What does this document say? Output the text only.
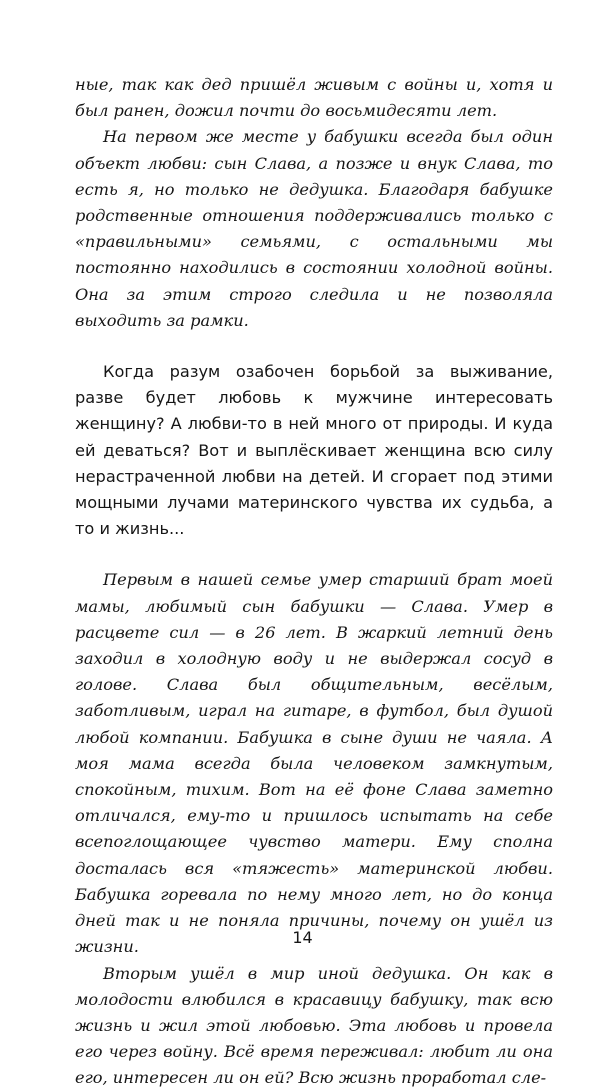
ные, так как дед пришёл живым с войны и, хотя и был ранен, дожил почти до восьмидесяти лет.

На первом же месте у бабушки всегда был один объект любви: сын Слава, а позже и внук Слава, то есть я, но только не дедушка. Благодаря бабушке родственные отношения поддерживались только с «правильными» семьями, с остальными мы постоянно находились в состоянии холодной войны. Она за этим строго следила и не позволяла выходить за рамки.

Когда разум озабочен борьбой за выживание, разве будет любовь к мужчине интересовать женщину? А любви-то в ней много от природы. И куда ей деваться? Вот и выплёскивает женщина всю силу нерастраченной любви на детей. И сгорает под этими мощными лучами материнского чувства их судьба, а то и жизнь...

Первым в нашей семье умер старший брат моей мамы, любимый сын бабушки — Слава. Умер в расцвете сил — в 26 лет. В жаркий летний день заходил в холодную воду и не выдержал сосуд в голове. Слава был общительным, весёлым, заботливым, играл на гитаре, в футбол, был душой любой компании. Бабушка в сыне души не чаяла. А моя мама всегда была человеком замкнутым, спокойным, тихим. Вот на её фоне Слава заметно отличался, ему-то и пришлось испытать на себе всепоглощающее чувство матери. Ему сполна досталась вся «тяжесть» материнской любви. Бабушка горевала по нему много лет, но до конца дней так и не поняла причины, почему он ушёл из жизни.

Вторым ушёл в мир иной дедушка. Он как в молодости влюбился в красавицу бабушку, так всю жизнь и жил этой любовью. Эта любовь и провела его через войну. Всё время переживал: любит ли она его, интересен ли он ей? Всю жизнь проработал сле-

14
